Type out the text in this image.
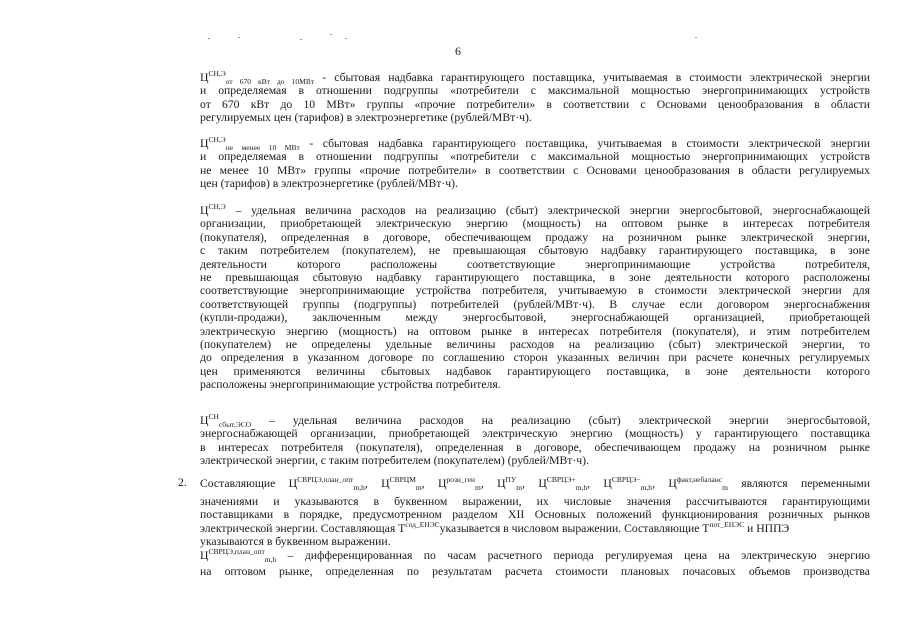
6
$Ц^{СН,Э}_{от 670 кВт до 10МВт}$ - сбытовая надбавка гарантирующего поставщика, учитываемая в стоимости электрической энергии
и определяемая в отношении подгруппы «потребители с максимальной мощностью энергопринимающих устройств
от 670 кВт до 10 МВт» группы «прочие потребители» в соответствии с Основами ценообразования в области
регулируемых цен (тарифов) в электроэнергетике (рублей/МВт·ч).
$Ц^{СН,Э}_{не менее 10 МВт}$ - сбытовая надбавка гарантирующего поставщика, учитываемая в стоимости электрической энергии
и определяемая в отношении подгруппы «потребители с максимальной мощностью энергопринимающих устройств
не менее 10 МВт» группы «прочие потребители» в соответствии с Основами ценообразования в области регулируемых
цен (тарифов) в электроэнергетике (рублей/МВт·ч).
$Ц^{СН,Э}$ – удельная величина расходов на реализацию (сбыт) электрической энергии энергосбытовой, энергоснабжающей
организации, приобретающей электрическую энергию (мощность) на оптовом рынке в интересах потребителя
(покупателя), определенная в договоре, обеспечивающем продажу на розничном рынке электрической энергии,
с таким потребителем (покупателем), не превышающая сбытовую надбавку гарантирующего поставщика, в зоне
деятельности которого расположены соответствующие энергопринимающие устройства потребителя,
не превышающая сбытовую надбавку гарантирующего поставщика, в зоне деятельности которого расположены
соответствующие энергопринимающие устройства потребителя, учитываемую в стоимости электрической энергии для
соответствующей группы (подгруппы) потребителей (рублей/МВт·ч). В случае если договором энергоснабжения
(купли-продажи), заключенным между энергосбытовой, энергоснабжающей организацией, приобретающей
электрическую энергию (мощность) на оптовом рынке в интересах потребителя (покупателя), и этим потребителем
(покупателем) не определены удельные величины расходов на реализацию (сбыт) электрической энергии, то
до определения в указанном договоре по соглашению сторон указанных величин при расчете конечных регулируемых
цен применяются величины сбытовых надбавок гарантирующего поставщика, в зоне деятельности которого
расположены энергопринимающие устройства потребителя.
$Ц^{СН}_{сбыт,ЭСО}$ – удельная величина расходов на реализацию (сбыт) электрической энергии энергосбытовой,
энергоснабжающей организации, приобретающей электрическую энергию (мощность) у гарантирующего поставщика
в интересах потребителя (покупателя), определенная в договоре, обеспечивающем продажу на розничном рынке
электрической энергии, с таким потребителем (покупателем) (рублей/МВт·ч).
2. Составляющие $Ц^{СВРЦЭ,план\_опт}_{m,h}$, $Ц^{СВРЦМ}_m$, $Ц^{розн\_ген}_m$, $Ц^{ПУ}_m$, $Ц^{СВРЦЭ+}_{m,h}$, $Ц^{СВРЦЭ-}_{m,h}$, $Ц^{факт,небаланс}_m$ являются переменными
значениями и указываются в буквенном выражении, их числовые значения рассчитываются гарантирующими
поставщиками в порядке, предусмотренном разделом XII Основных положений функционирования розничных рынков
электрической энергии. Составляющая $Т^{сод\_ЕНЭС}указывается$ в числовом выражении. Составляющие $Т^{пот\_ЕНЭС}$ и НППЭ
указываются в буквенном выражении.
$Ц^{СВРЦЭ,план\_опт}_{m,h}$ – дифференцированная по часам расчетного периода регулируемая цена на электрическую энергию
на оптовом рынке, определенная по результатам расчета стоимости плановых почасовых объемов производства
